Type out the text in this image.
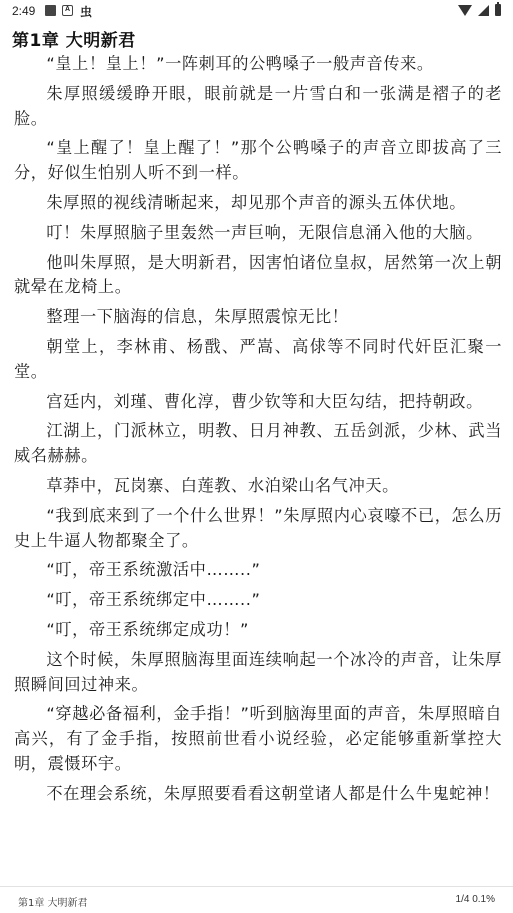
2:49	A 虫
第1章 大明新君

“皇上！皇上！”一阵刺耳的公鸭嗓子一般声音传来。

朱厚照缓缓睁开眼，眼前就是一片雪白和一张满是褶子的老脸。

“皇上醒了！皇上醒了！”那个公鸭嗓子的声音立即拔高了三分，好似生怕别人听不到一样。

朱厚照的视线清晰起来，却见那个声音的源头五体伏地。

叮！朱厚照脑子里轰然一声巨响，无限信息涌入他的大脑。

他叫朱厚照，是大明新君，因害怕诸位皇叔，居然第一次上朝就晕在龙椅上。

整理一下脑海的信息，朱厚照震惊无比！

朝堂上，李林甫、杨戬、严嵩、高俅等不同时代奸臣汇聚一堂。

宫廷内，刘瑾、曹化淳，曹少钦等和大臣勾结，把持朝政。

江湖上，门派林立，明教、日月神教、五岳剑派，少林、武当威名赫赫。

草莽中，瓦岗寨、白莲教、水泊梁山名气冲天。

“我到底来到了一个什么世界！”朱厚照内心哀嚎不已，怎么历史上牛逼人物都聚全了。

“叮，帝王系统激活中……..”

“叮，帝王系统绑定中……..”

“叮，帝王系统绑定成功！”

这个时候，朱厚照脑海里面连续响起一个冰冷的声音，让朱厚照瞬间回过神来。

“穿越必备福利，金手指！”听到脑海里面的声音，朱厚照暗自高兴，有了金手指，按照前世看小说经验，必定能够重新掌控大明，震慑环宇。

不在理会系统，朱厚照要看看这朝堂诸人都是什么牛鬼蛇神！

第1章 大明新君	1/4 0.1%
